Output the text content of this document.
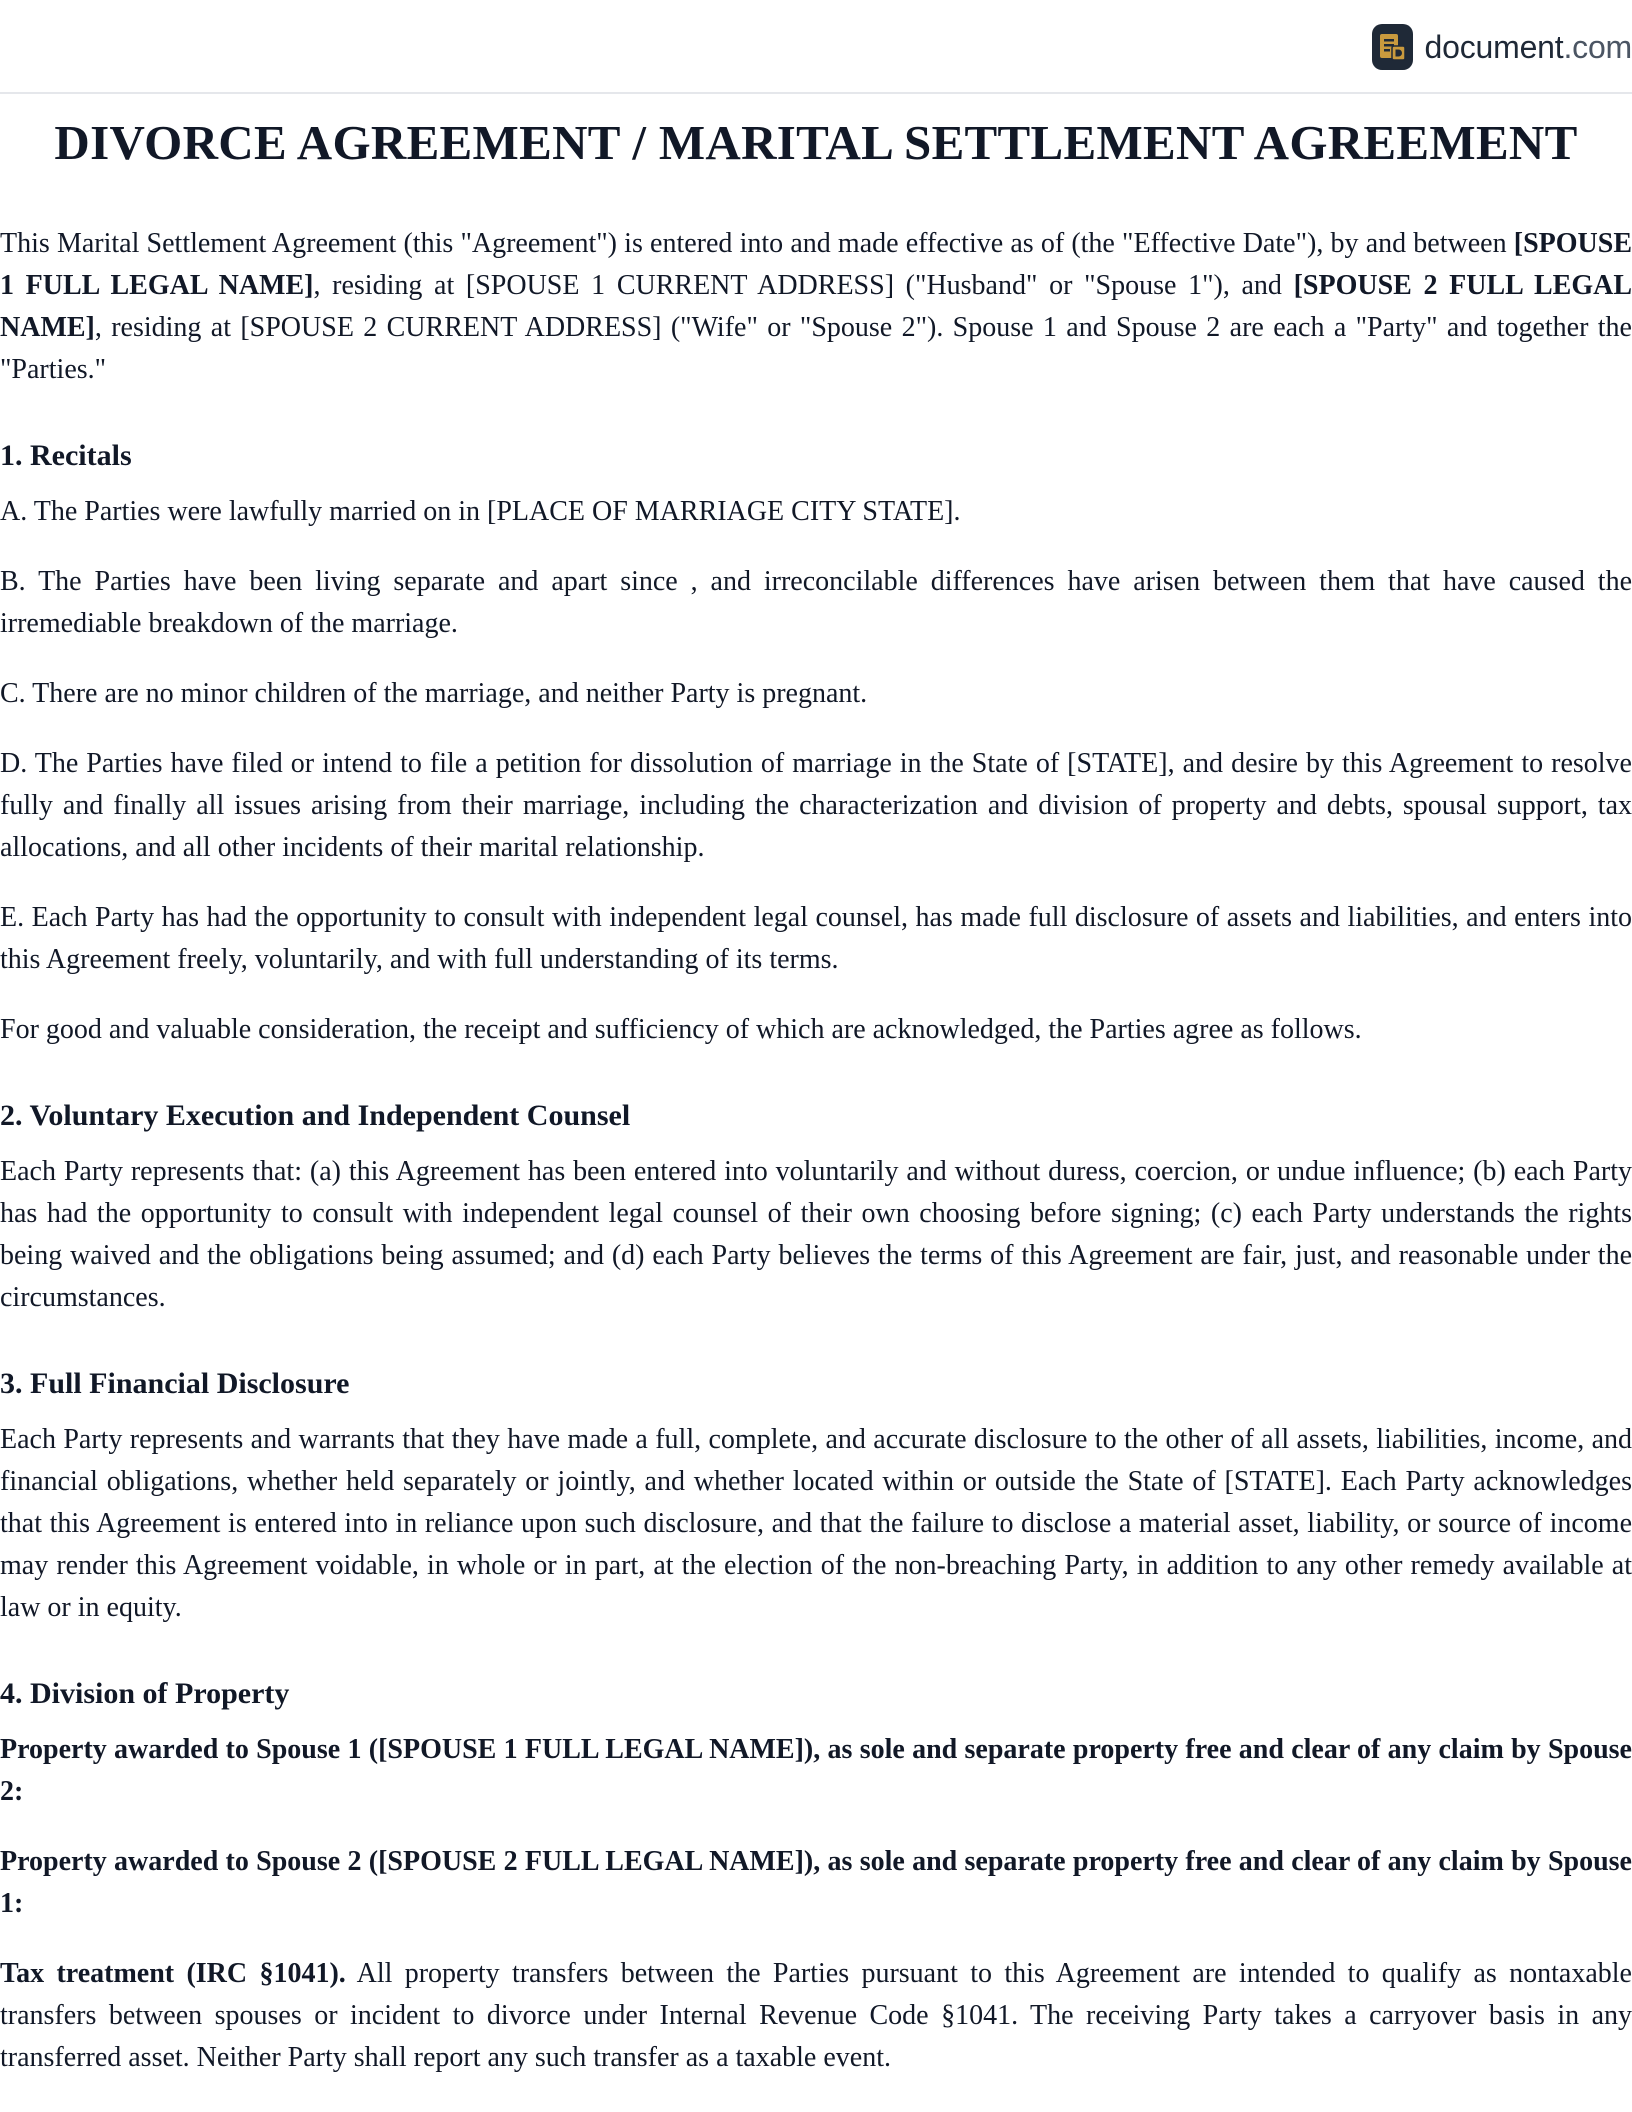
document.com
DIVORCE AGREEMENT / MARITAL SETTLEMENT AGREEMENT

This Marital Settlement Agreement (this "Agreement") is entered into and made effective as of (the "Effective Date"), by and between [SPOUSE 1 FULL LEGAL NAME], residing at [SPOUSE 1 CURRENT ADDRESS] ("Husband" or "Spouse 1"), and [SPOUSE 2 FULL LEGAL NAME], residing at [SPOUSE 2 CURRENT ADDRESS] ("Wife" or "Spouse 2"). Spouse 1 and Spouse 2 are each a "Party" and together the "Parties."

1. Recitals

A. The Parties were lawfully married on in [PLACE OF MARRIAGE CITY STATE].

B. The Parties have been living separate and apart since , and irreconcilable differences have arisen between them that have caused the irremediable breakdown of the marriage.

C. There are no minor children of the marriage, and neither Party is pregnant.

D. The Parties have filed or intend to file a petition for dissolution of marriage in the State of [STATE], and desire by this Agreement to resolve fully and finally all issues arising from their marriage, including the characterization and division of property and debts, spousal support, tax allocations, and all other incidents of their marital relationship.

E. Each Party has had the opportunity to consult with independent legal counsel, has made full disclosure of assets and liabilities, and enters into this Agreement freely, voluntarily, and with full understanding of its terms.

For good and valuable consideration, the receipt and sufficiency of which are acknowledged, the Parties agree as follows.

2. Voluntary Execution and Independent Counsel

Each Party represents that: (a) this Agreement has been entered into voluntarily and without duress, coercion, or undue influence; (b) each Party has had the opportunity to consult with independent legal counsel of their own choosing before signing; (c) each Party understands the rights being waived and the obligations being assumed; and (d) each Party believes the terms of this Agreement are fair, just, and reasonable under the circumstances.

3. Full Financial Disclosure

Each Party represents and warrants that they have made a full, complete, and accurate disclosure to the other of all assets, liabilities, income, and financial obligations, whether held separately or jointly, and whether located within or outside the State of [STATE]. Each Party acknowledges that this Agreement is entered into in reliance upon such disclosure, and that the failure to disclose a material asset, liability, or source of income may render this Agreement voidable, in whole or in part, at the election of the non-breaching Party, in addition to any other remedy available at law or in equity.

4. Division of Property

Property awarded to Spouse 1 ([SPOUSE 1 FULL LEGAL NAME]), as sole and separate property free and clear of any claim by Spouse 2:

Property awarded to Spouse 2 ([SPOUSE 2 FULL LEGAL NAME]), as sole and separate property free and clear of any claim by Spouse 1:

Tax treatment (IRC §1041). All property transfers between the Parties pursuant to this Agreement are intended to qualify as nontaxable transfers between spouses or incident to divorce under Internal Revenue Code §1041. The receiving Party takes a carryover basis in any transferred asset. Neither Party shall report any such transfer as a taxable event.
